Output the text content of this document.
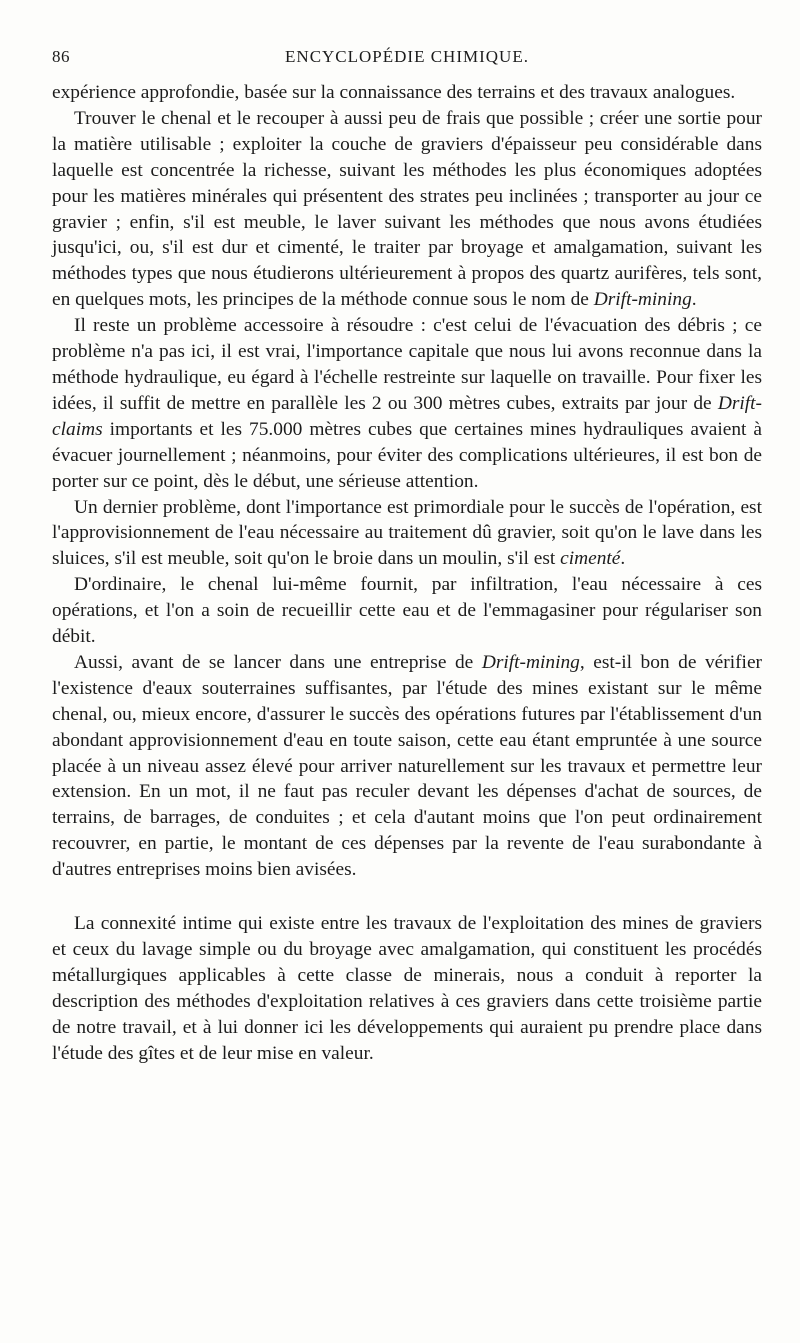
86	ENCYCLOPÉDIE CHIMIQUE.

expérience approfondie, basée sur la connaissance des terrains et des travaux analogues.

Trouver le chenal et le recouper à aussi peu de frais que possible ; créer une sortie pour la matière utilisable ; exploiter la couche de graviers d'épaisseur peu considérable dans laquelle est concentrée la richesse, suivant les méthodes les plus économiques adoptées pour les matières minérales qui présentent des strates peu inclinées ; transporter au jour ce gravier ; enfin, s'il est meuble, le laver suivant les méthodes que nous avons étudiées jusqu'ici, ou, s'il est dur et cimenté, le traiter par broyage et amalgamation, suivant les méthodes types que nous étudierons ultérieurement à propos des quartz aurifères, tels sont, en quelques mots, les principes de la méthode connue sous le nom de Drift-mining.

Il reste un problème accessoire à résoudre : c'est celui de l'évacuation des débris ; ce problème n'a pas ici, il est vrai, l'importance capitale que nous lui avons reconnue dans la méthode hydraulique, eu égard à l'échelle restreinte sur laquelle on travaille. Pour fixer les idées, il suffit de mettre en parallèle les 2 ou 300 mètres cubes, extraits par jour de Drift-claims importants et les 75.000 mètres cubes que certaines mines hydrauliques avaient à évacuer journellement ; néanmoins, pour éviter des complications ultérieures, il est bon de porter sur ce point, dès le début, une sérieuse attention.

Un dernier problème, dont l'importance est primordiale pour le succès de l'opération, est l'approvisionnement de l'eau nécessaire au traitement dû gravier, soit qu'on le lave dans les sluices, s'il est meuble, soit qu'on le broie dans un moulin, s'il est cimenté.

D'ordinaire, le chenal lui-même fournit, par infiltration, l'eau nécessaire à ces opérations, et l'on a soin de recueillir cette eau et de l'emmagasiner pour régulariser son débit.

Aussi, avant de se lancer dans une entreprise de Drift-mining, est-il bon de vérifier l'existence d'eaux souterraines suffisantes, par l'étude des mines existant sur le même chenal, ou, mieux encore, d'assurer le succès des opérations futures par l'établissement d'un abondant approvisionnement d'eau en toute saison, cette eau étant empruntée à une source placée à un niveau assez élevé pour arriver naturellement sur les travaux et permettre leur extension. En un mot, il ne faut pas reculer devant les dépenses d'achat de sources, de terrains, de barrages, de conduites ; et cela d'autant moins que l'on peut ordinairement recouvrer, en partie, le montant de ces dépenses par la revente de l'eau surabondante à d'autres entreprises moins bien avisées.

La connexité intime qui existe entre les travaux de l'exploitation des mines de graviers et ceux du lavage simple ou du broyage avec amalgamation, qui constituent les procédés métallurgiques applicables à cette classe de minerais, nous a conduit à reporter la description des méthodes d'exploitation relatives à ces graviers dans cette troisième partie de notre travail, et à lui donner ici les développements qui auraient pu prendre place dans l'étude des gîtes et de leur mise en valeur.
